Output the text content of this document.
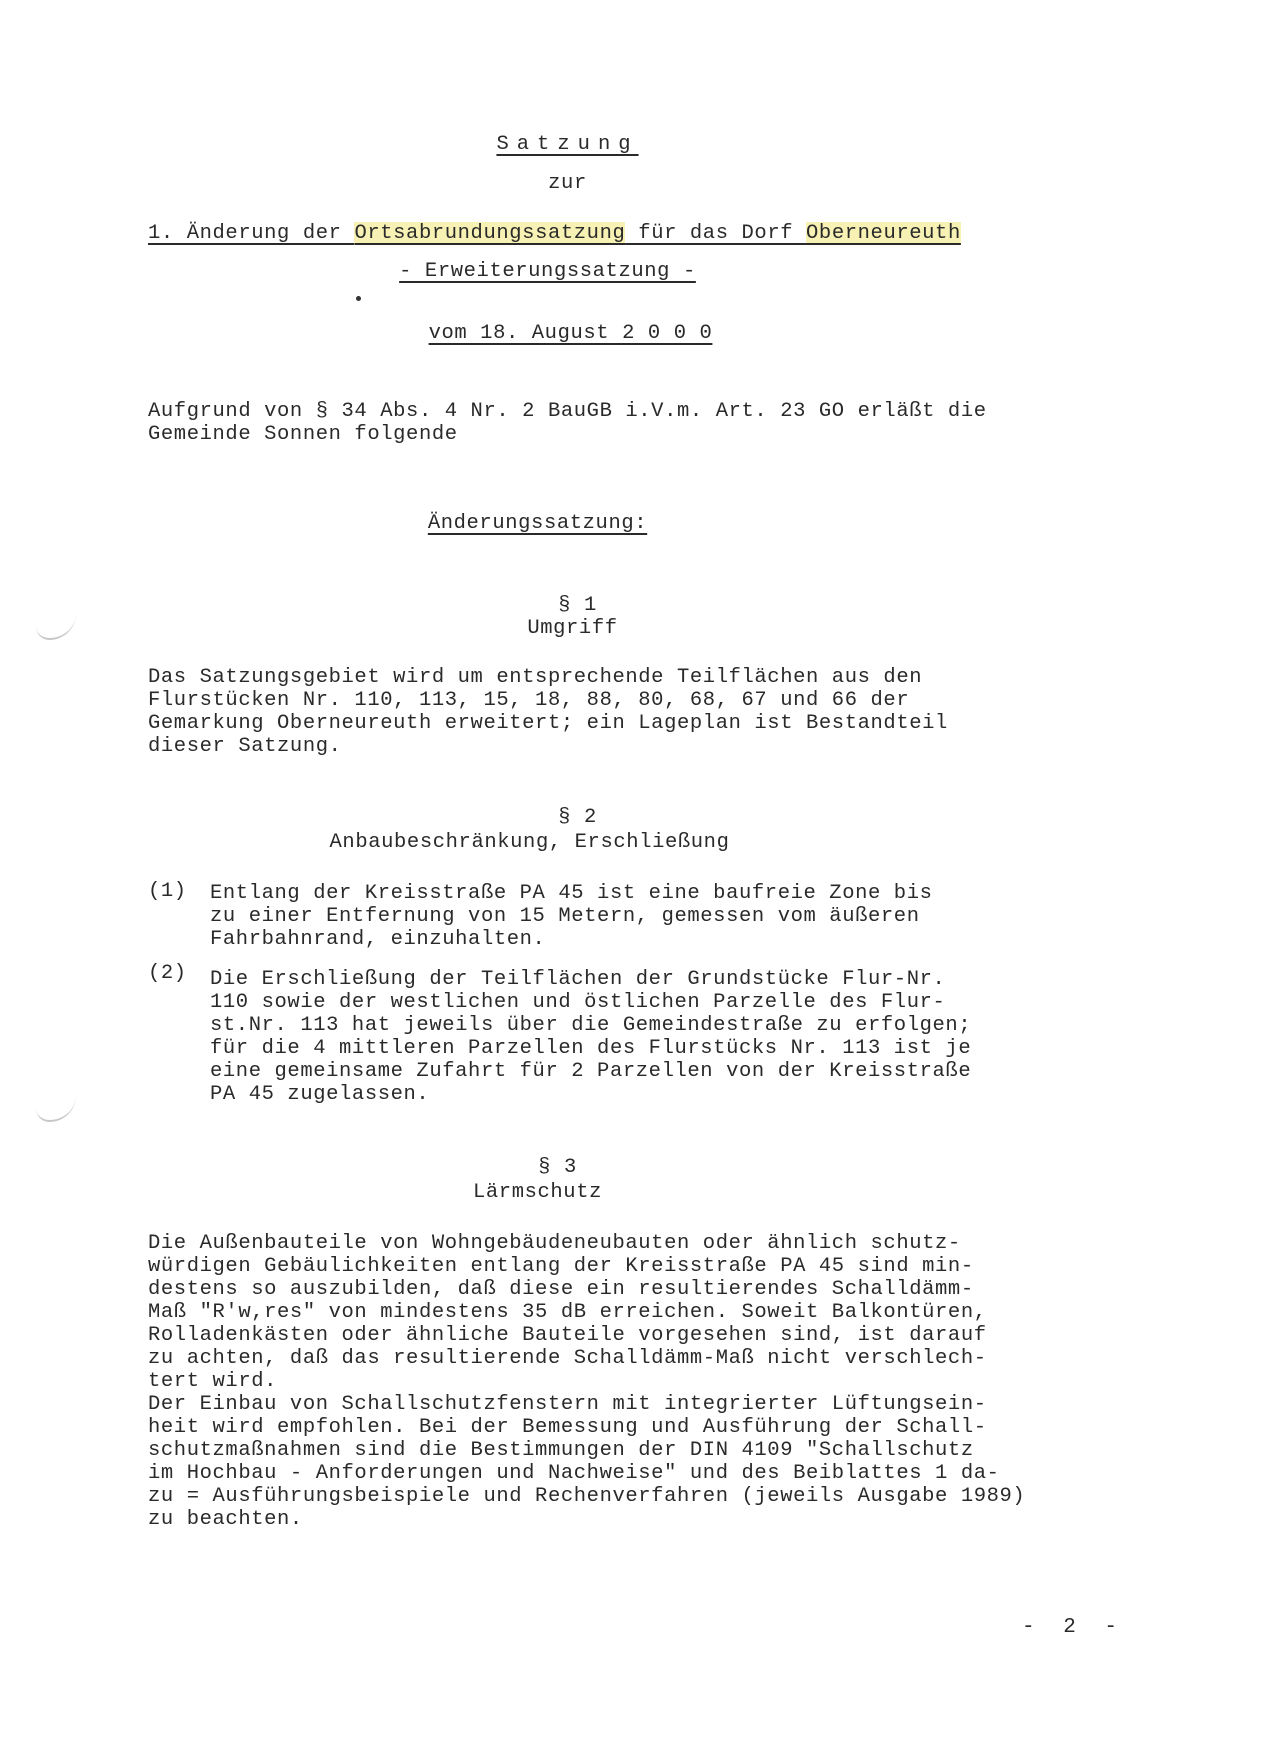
Satzung
zur
1. Änderung der Ortsabrundungssatzung für das Dorf Oberneureuth
- Erweiterungssatzung -
vom 18. August 2 0 0 0

Aufgrund von § 34 Abs. 4 Nr. 2 BauGB i.V.m. Art. 23 GO erläßt die

Gemeinde Sonnen folgende

Änderungssatzung:
§ 1
Umgriff

Das Satzungsgebiet wird um entsprechende Teilflächen aus den

Flurstücken Nr. 110, 113, 15, 18, 88, 80, 68, 67 und 66 der

Gemarkung Oberneureuth erweitert; ein Lageplan ist Bestandteil

dieser Satzung.

§ 2
Anbaubeschränkung, Erschließung
(1) Entlang der Kreisstraße PA 45 ist eine baufreie Zone bis
zu einer Entfernung von 15 Metern, gemessen vom äußeren
Fahrbahnrand, einzuhalten.
(2) Die Erschließung der Teilflächen der Grundstücke Flur-Nr.
110 sowie der westlichen und östlichen Parzelle des Flur-
st.Nr. 113 hat jeweils über die Gemeindestraße zu erfolgen;
für die 4 mittleren Parzellen des Flurstücks Nr. 113 ist je
eine gemeinsame Zufahrt für 2 Parzellen von der Kreisstraße
PA 45 zugelassen.
§ 3
Lärmschutz

Die Außenbauteile von Wohngebäudeneubauten oder ähnlich schutz-

würdigen Gebäulichkeiten entlang der Kreisstraße PA 45 sind min-

destens so auszubilden, daß diese ein resultierendes Schalldämm-

Maß "R'w,res" von mindestens 35 dB erreichen. Soweit Balkontüren,

Rolladenkästen oder ähnliche Bauteile vorgesehen sind, ist darauf

zu achten, daß das resultierende Schalldämm-Maß nicht verschlech-

tert wird.

Der Einbau von Schallschutzfenstern mit integrierter Lüftungsein-

heit wird empfohlen. Bei der Bemessung und Ausführung der Schall-

schutzmaßnahmen sind die Bestimmungen der DIN 4109 "Schallschutz

im Hochbau - Anforderungen und Nachweise" und des Beiblattes 1 da-

zu = Ausführungsbeispiele und Rechenverfahren (jeweils Ausgabe 1989)

zu beachten.

- 2 -
